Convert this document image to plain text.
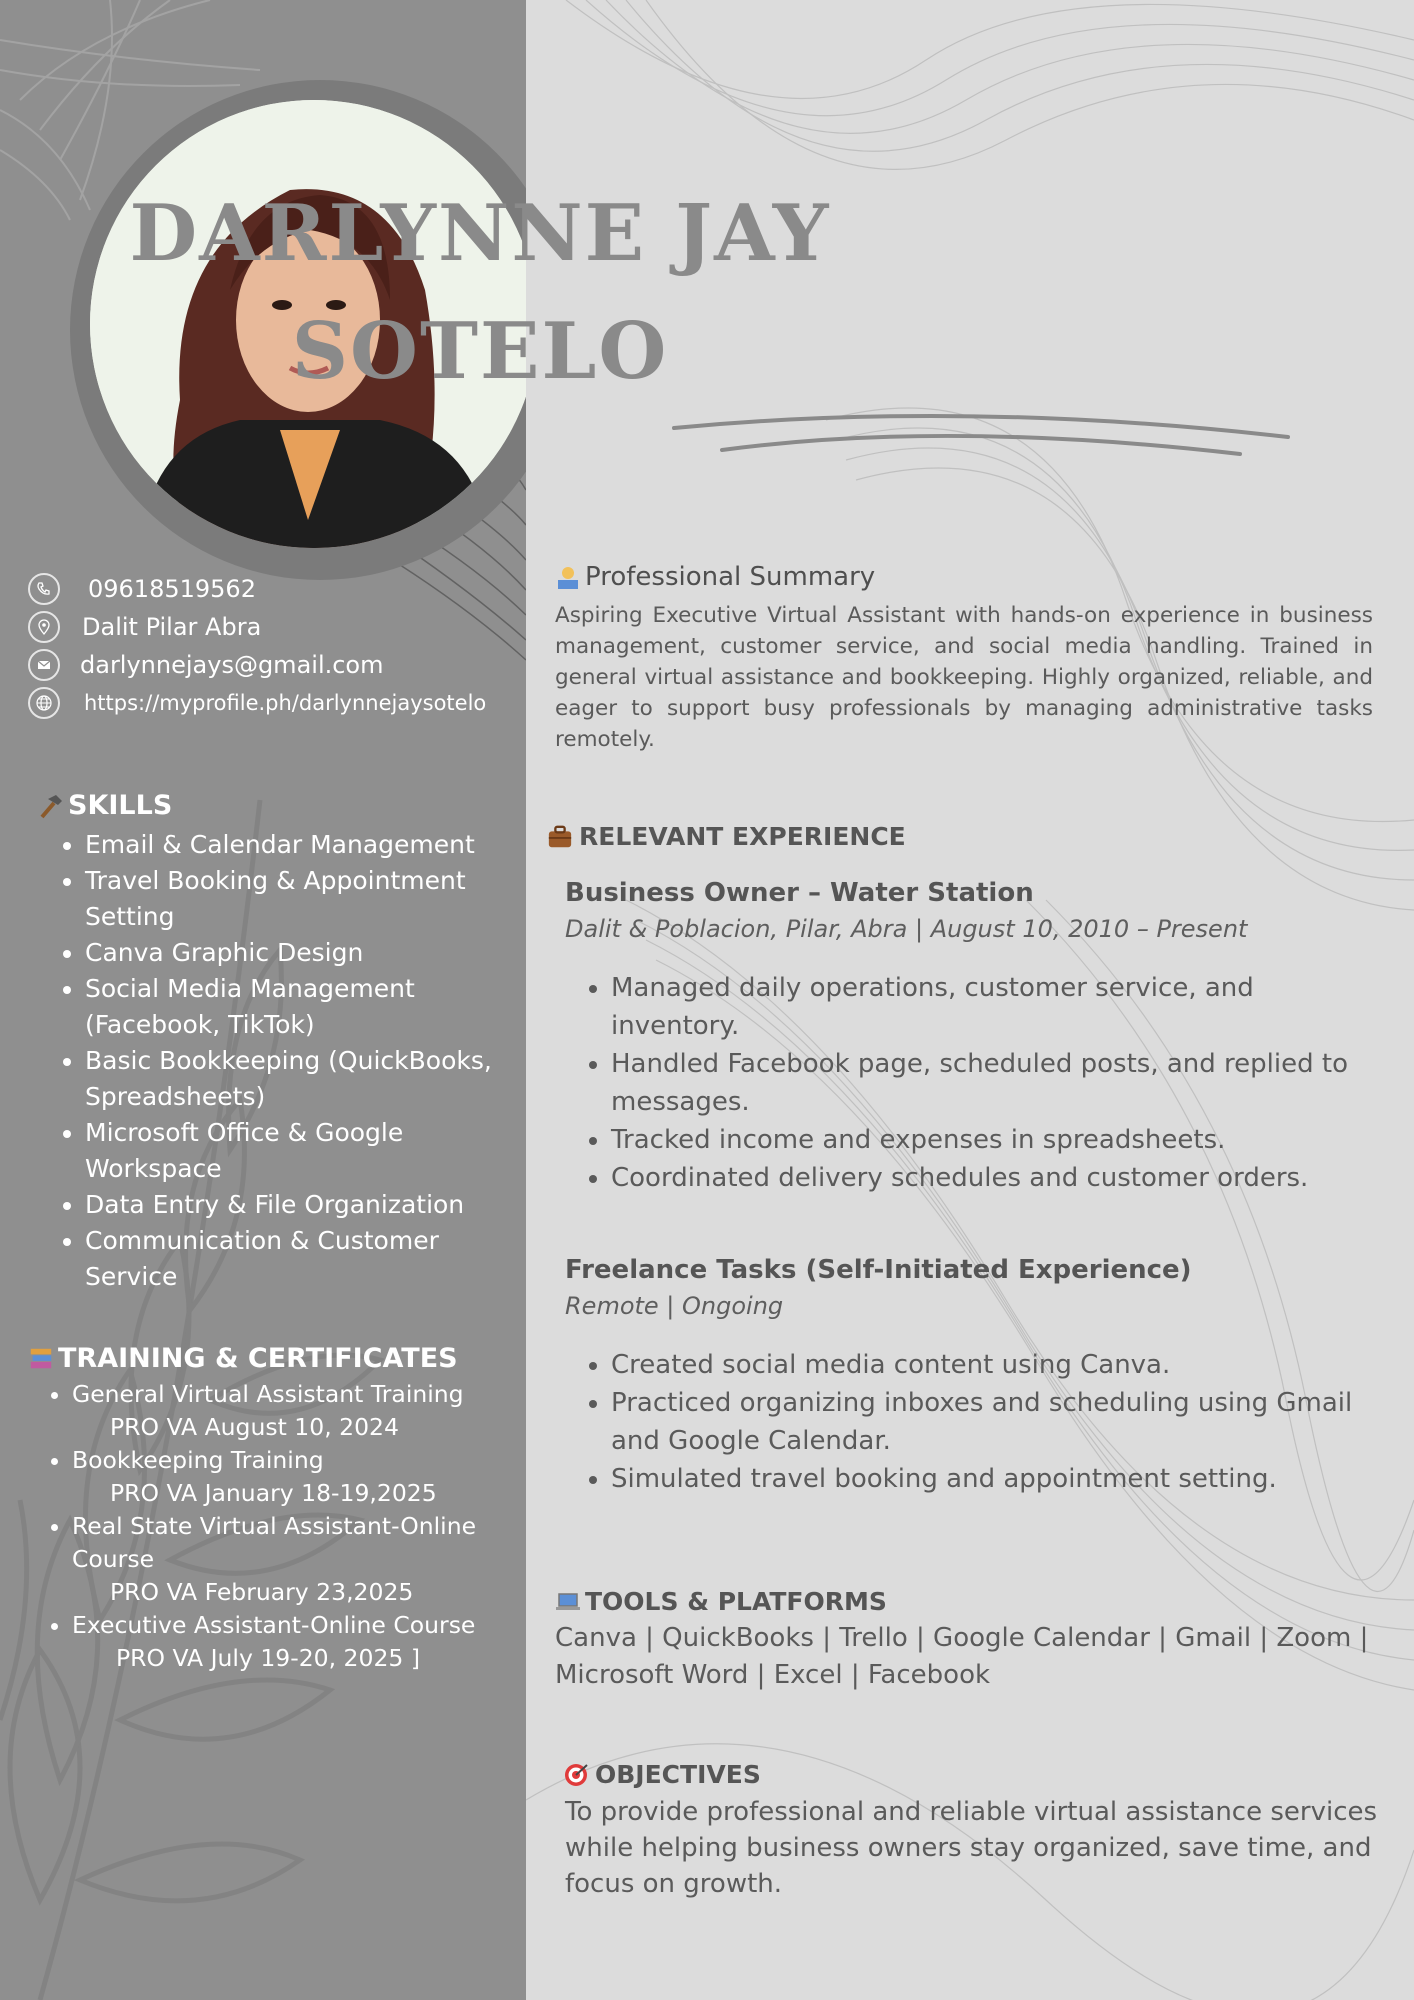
09618519562
Dalit Pilar Abra
darlynnejays@gmail.com
https://myprofile.ph/darlynnejaysotelo
SKILLS
• Email & Calendar Management
• Travel Booking & Appointment Setting
• Canva Graphic Design
• Social Media Management (Facebook, TikTok)
• Basic Bookkeeping (QuickBooks, Spreadsheets)
• Microsoft Office & Google Workspace
• Data Entry & File Organization
• Communication & Customer Service
TRAINING & CERTIFICATES
• General Virtual Assistant Training
PRO VA August 10, 2024
• Bookkeeping Training
PRO VA January 18-19,2025
• Real State Virtual Assistant-Online Course
PRO VA February 23,2025
• Executive Assistant-Online Course
PRO VA July 19-20, 2025 ]
DARLYNNE JAY
SOTELO
Professional Summary
Aspiring Executive Virtual Assistant with hands-on experience in business management, customer service, and social media handling. Trained in general virtual assistance and bookkeeping. Highly organized, reliable, and eager to support busy professionals by managing administrative tasks remotely.
RELEVANT EXPERIENCE
Business Owner – Water Station
Dalit & Poblacion, Pilar, Abra | August 10, 2010 – Present
• Managed daily operations, customer service, and inventory.
• Handled Facebook page, scheduled posts, and replied to messages.
• Tracked income and expenses in spreadsheets.
• Coordinated delivery schedules and customer orders.
Freelance Tasks (Self-Initiated Experience)
Remote | Ongoing
• Created social media content using Canva.
• Practiced organizing inboxes and scheduling using Gmail and Google Calendar.
• Simulated travel booking and appointment setting.
TOOLS & PLATFORMS
Canva | QuickBooks | Trello | Google Calendar | Gmail | Zoom | Microsoft Word | Excel | Facebook
OBJECTIVES
To provide professional and reliable virtual assistance services while helping business owners stay organized, save time, and focus on growth.
